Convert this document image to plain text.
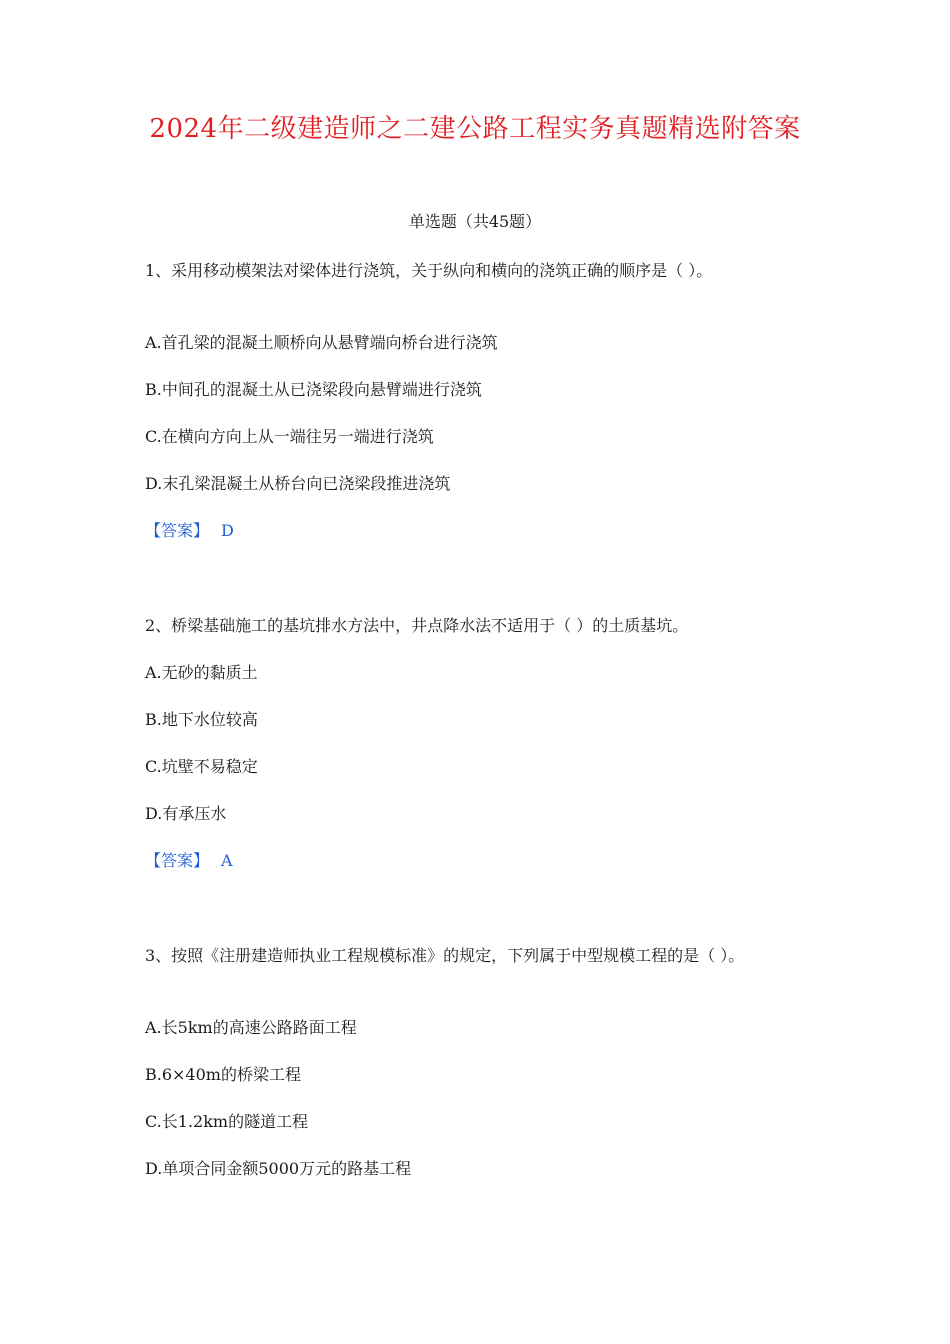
2024年二级建造师之二建公路工程实务真题精选附答案
单选题（共45题）
1、采用移动模架法对梁体进行浇筑，关于纵向和横向的浇筑正确的顺序是（ ）。
A.首孔梁的混凝土顺桥向从悬臂端向桥台进行浇筑
B.中间孔的混凝土从已浇梁段向悬臂端进行浇筑
C.在横向方向上从一端往另一端进行浇筑
D.末孔梁混凝土从桥台向已浇梁段推进浇筑
【答案】 D
2、桥梁基础施工的基坑排水方法中，井点降水法不适用于（ ）的土质基坑。
A.无砂的黏质土
B.地下水位较高
C.坑壁不易稳定
D.有承压水
【答案】 A
3、按照《注册建造师执业工程规模标准》的规定，下列属于中型规模工程的是（ ）。
A.长5km的高速公路路面工程
B.6×40m的桥梁工程
C.长1.2km的隧道工程
D.单项合同金额5000万元的路基工程
